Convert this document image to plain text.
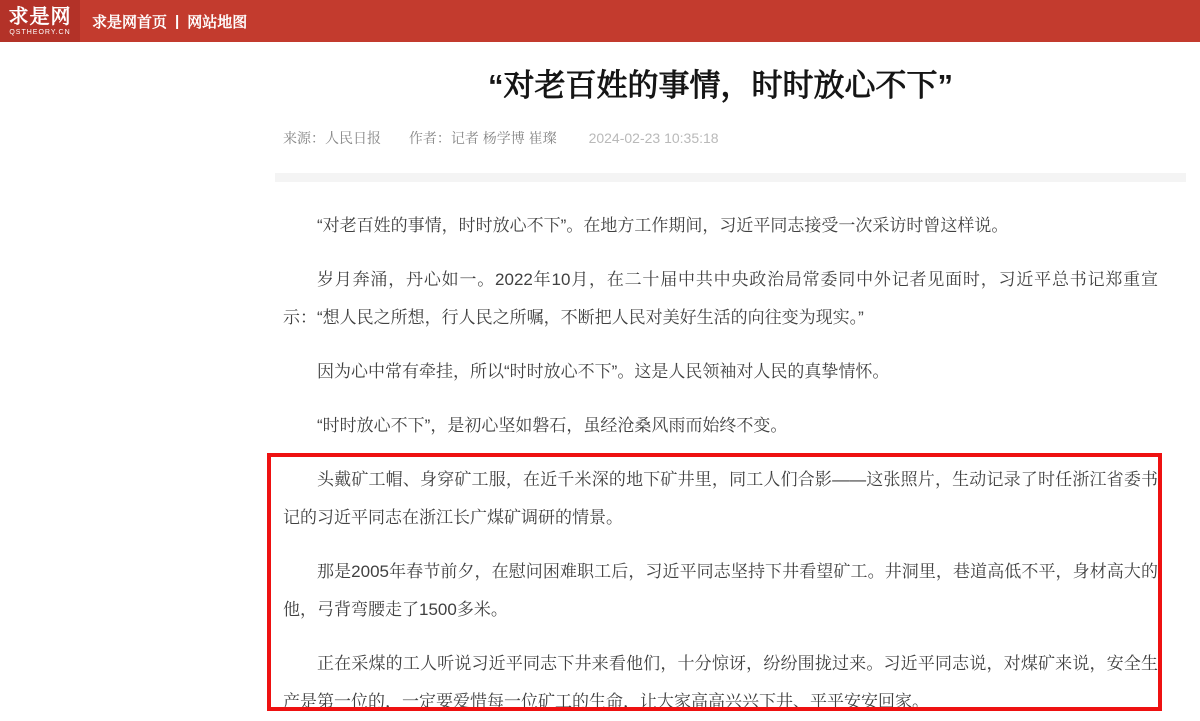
求是网
QSTHEORY.CN
求是网首页 | 网站地图
“对老百姓的事情，时时放心不下”
来源：人民日报 作者：记者 杨学博 崔璨 2024-02-23 10:35:18

“对老百姓的事情，时时放心不下”。在地方工作期间，习近平同志接受一次采访时曾这样说。

岁月奔涌，丹心如一。2022年10月，在二十届中共中央政治局常委同中外记者见面时，习近平总书记郑重宣示：“想人民之所想，行人民之所嘱，不断把人民对美好生活的向往变为现实。”

因为心中常有牵挂，所以“时时放心不下”。这是人民领袖对人民的真挚情怀。

“时时放心不下”，是初心坚如磐石，虽经沧桑风雨而始终不变。

头戴矿工帽、身穿矿工服，在近千米深的地下矿井里，同工人们合影——这张照片，生动记录了时任浙江省委书记的习近平同志在浙江长广煤矿调研的情景。

那是2005年春节前夕，在慰问困难职工后，习近平同志坚持下井看望矿工。井洞里，巷道高低不平，身材高大的他，弓背弯腰走了1500多米。

正在采煤的工人听说习近平同志下井来看他们，十分惊讶，纷纷围拢过来。习近平同志说，对煤矿来说，安全生产是第一位的，一定要爱惜每一位矿工的生命，让大家高高兴兴下井、平平安安回家。
